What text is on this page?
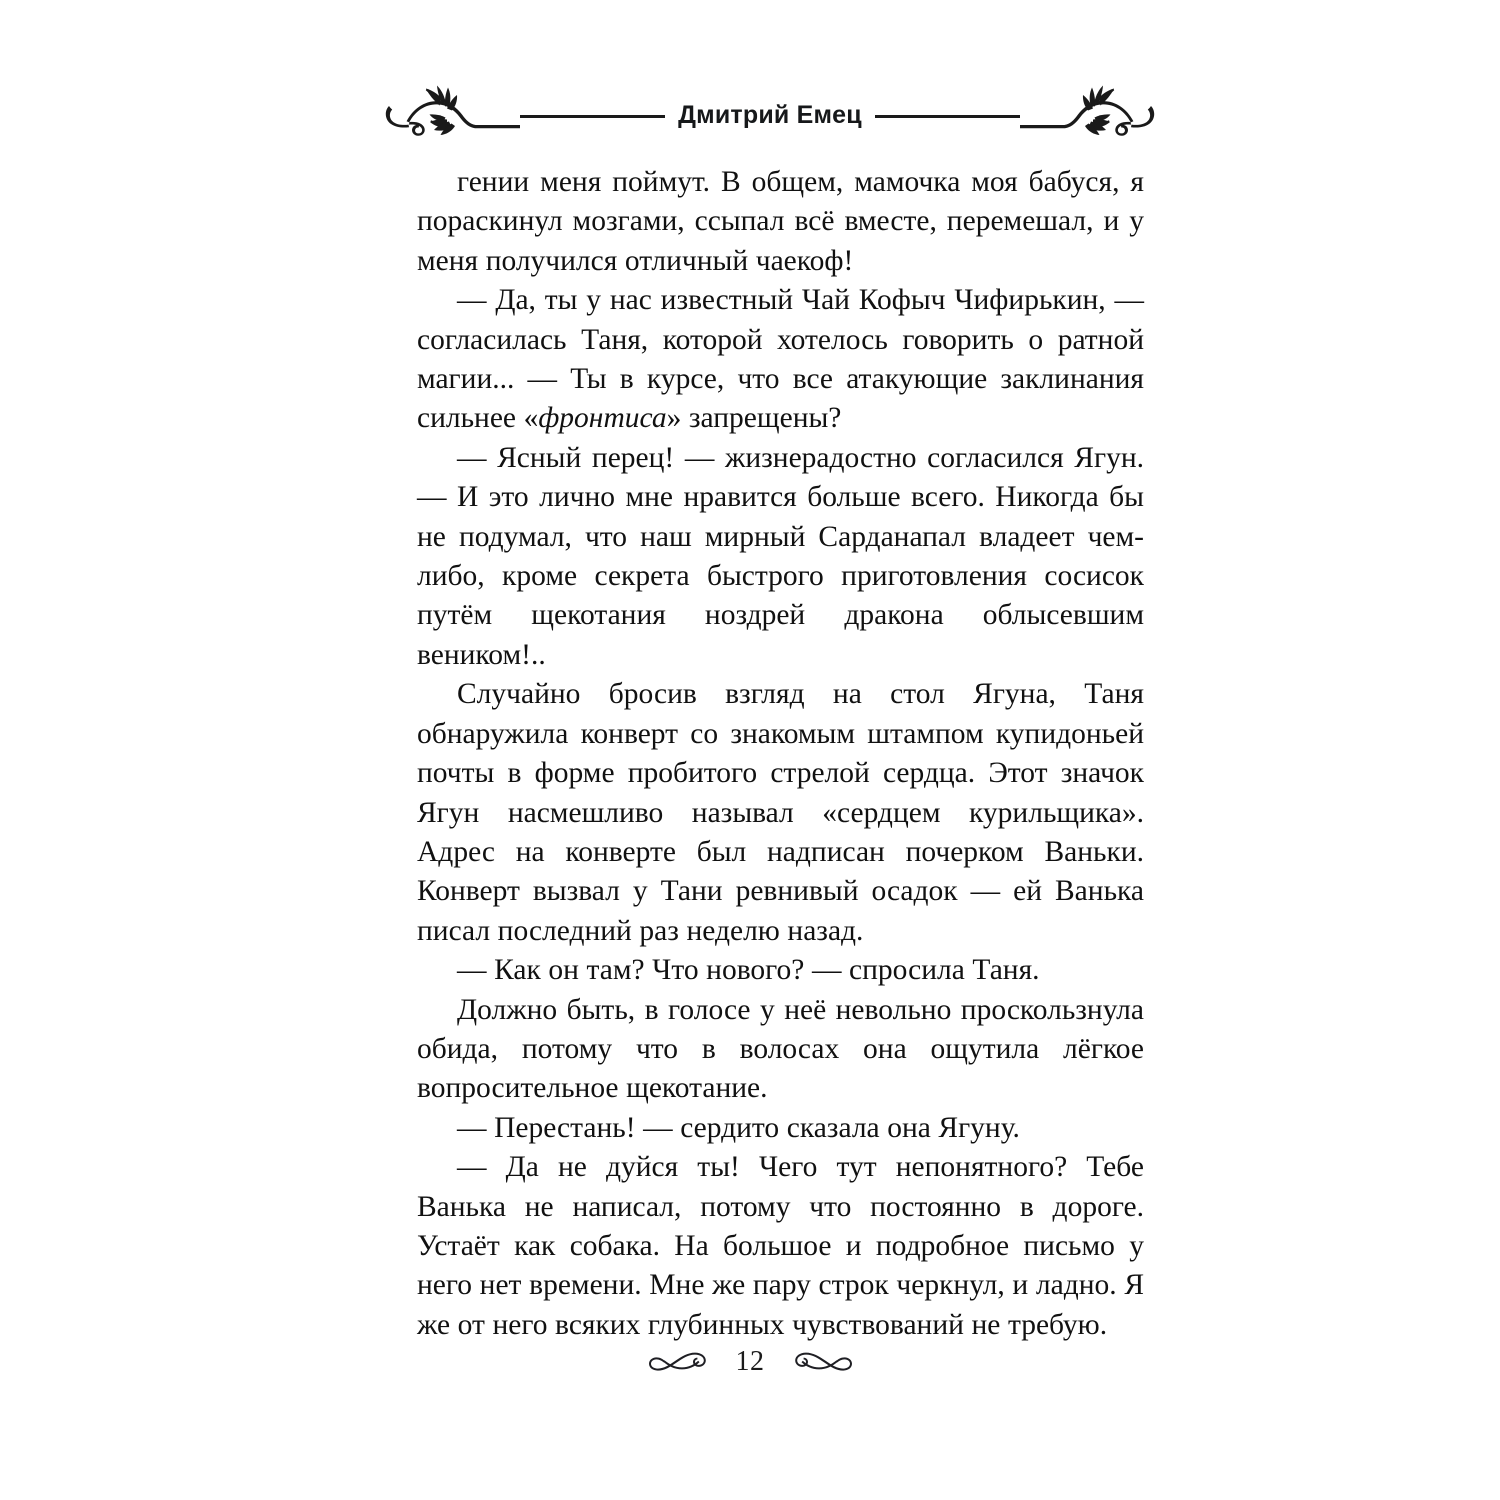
Дмитрий Емец

гении меня поймут. В общем, мамочка моя бабуся, я пораскинул мозгами, ссыпал всё вместе, перемешал, и у меня получился отличный чаекоф!

— Да, ты у нас известный Чай Кофыч Чифирькин, — согласилась Таня, которой хотелось говорить о ратной магии... — Ты в курсе, что все атакующие заклинания сильнее «фронтиса» запрещены?

— Ясный перец! — жизнерадостно согласился Ягун. — И это лично мне нравится больше всего. Никогда бы не подумал, что наш мирный Сарданапал владеет чем-либо, кроме секрета быстрого приготовления сосисок путём щекотания ноздрей дракона облысевшим веником!..

Случайно бросив взгляд на стол Ягуна, Таня обнаружила конверт со знакомым штампом купидоньей почты в форме пробитого стрелой сердца. Этот значок Ягун насмешливо называл «сердцем курильщика». Адрес на конверте был надписан почерком Ваньки. Конверт вызвал у Тани ревнивый осадок — ей Ванька писал последний раз неделю назад.

— Как он там? Что нового? — спросила Таня.

Должно быть, в голосе у неё невольно проскользнула обида, потому что в волосах она ощутила лёгкое вопросительное щекотание.

— Перестань! — сердито сказала она Ягуну.

— Да не дуйся ты! Чего тут непонятного? Тебе Ванька не написал, потому что постоянно в дороге. Устаёт как собака. На большое и подробное письмо у него нет времени. Мне же пару строк черкнул, и ладно. Я же от него всяких глубинных чувствований не требую.

12
